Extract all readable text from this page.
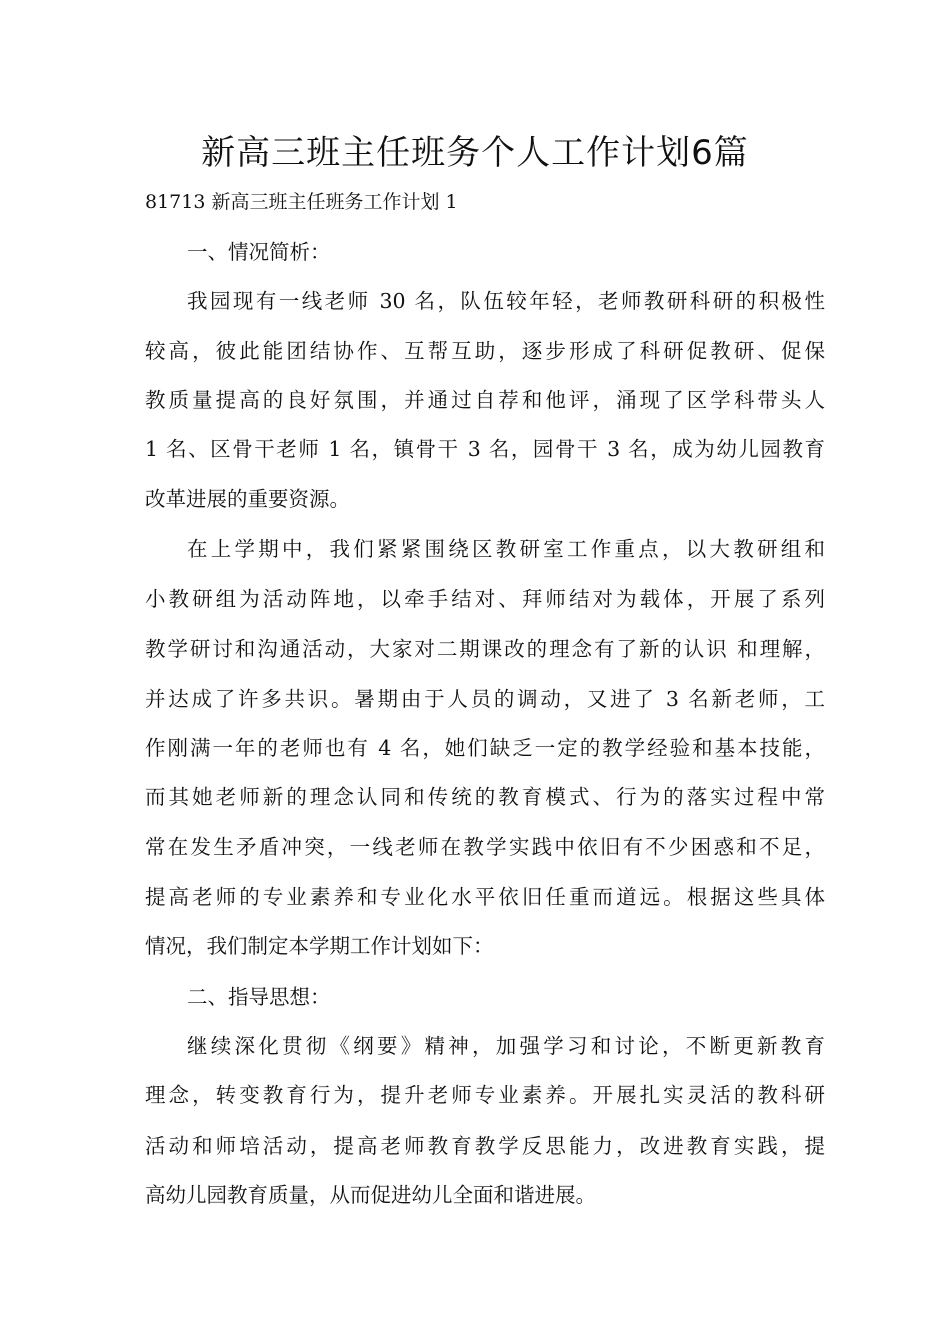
新高三班主任班务个人工作计划6篇

81713 新高三班主任班务工作计划 1

一、情况简析：

我园现有一线老师 30 名，队伍较年轻，老师教研科研的积极性

较高，彼此能团结协作、互帮互助，逐步形成了科研促教研、促保

教质量提高的良好氛围，并通过自荐和他评，涌现了区学科带头人

1 名、区骨干老师 1 名，镇骨干 3 名，园骨干 3 名，成为幼儿园教育

改革进展的重要资源。

在上学期中，我们紧紧围绕区教研室工作重点，以大教研组和

小教研组为活动阵地，以牵手结对、拜师结对为载体，开展了系列

教学研讨和沟通活动，大家对二期课改的理念有了新的认识 和理解，

并达成了许多共识。暑期由于人员的调动，又进了 3 名新老师，工

作刚满一年的老师也有 4 名，她们缺乏一定的教学经验和基本技能，

而其她老师新的理念认同和传统的教育模式、行为的落实过程中常

常在发生矛盾冲突，一线老师在教学实践中依旧有不少困惑和不足，

提高老师的专业素养和专业化水平依旧任重而道远。根据这些具体

情况，我们制定本学期工作计划如下：

二、指导思想：

继续深化贯彻《纲要》精神，加强学习和讨论，不断更新教育

理念，转变教育行为，提升老师专业素养。开展扎实灵活的教科研

活动和师培活动，提高老师教育教学反思能力，改进教育实践，提

高幼儿园教育质量，从而促进幼儿全面和谐进展。
